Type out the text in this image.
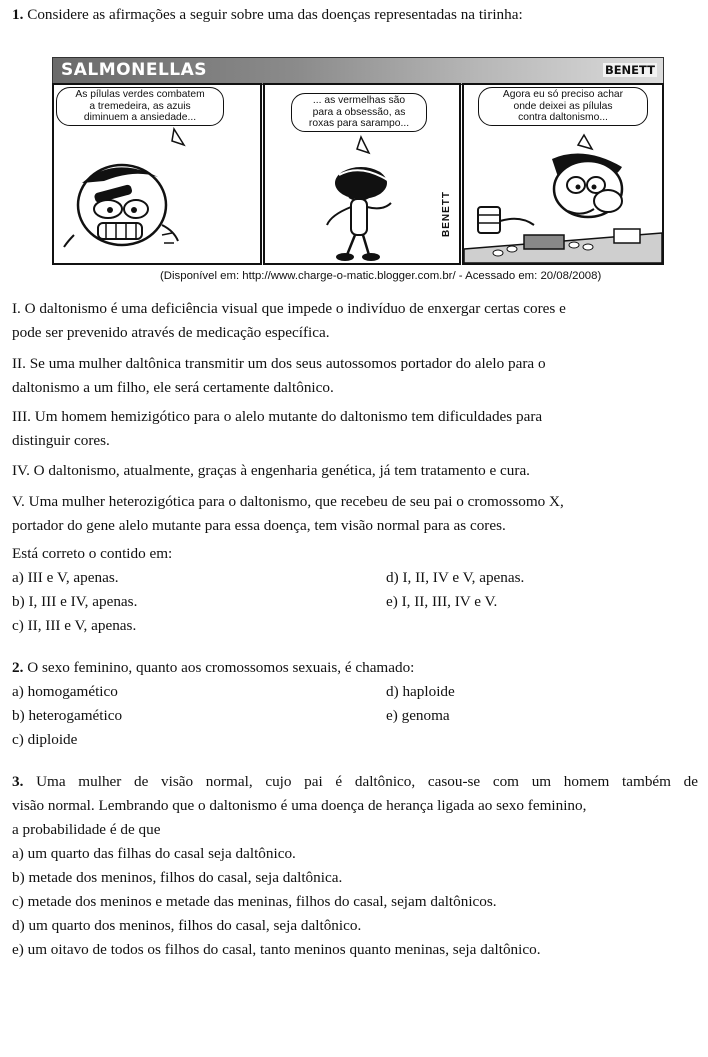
1. Considere as afirmações a seguir sobre uma das doenças representadas na tirinha:
SALMONELLAS	BENETT
As pílulas verdes combatem
a tremedeira, as azuis
diminuem a ansiedade...
... as vermelhas são
para a obsessão, as
roxas para sarampo...
BENETT
Agora eu só preciso achar
onde deixei as pílulas
contra daltonismo...
(Disponível em: http://www.charge-o-matic.blogger.com.br/ - Acessado em: 20/08/2008)
I. O daltonismo é uma deficiência visual que impede o indivíduo de enxergar certas cores e
pode ser prevenido através de medicação específica.
II. Se uma mulher daltônica transmitir um dos seus autossomos portador do alelo para o
daltonismo a um filho, ele será certamente daltônico.
III. Um homem hemizigótico para o alelo mutante do daltonismo tem dificuldades para
distinguir cores.
IV. O daltonismo, atualmente, graças à engenharia genética, já tem tratamento e cura.
V. Uma mulher heterozigótica para o daltonismo, que recebeu de seu pai o cromossomo X,
portador do gene alelo mutante para essa doença, tem visão normal para as cores.
Está correto o contido em:
a) III e V, apenas.
b) I, III e IV, apenas.
c) II, III e V, apenas.
d) I, II, IV e V, apenas.
e) I, II, III, IV e V.
2. O sexo feminino, quanto aos cromossomos sexuais, é chamado:
a) homogamético
b) heterogamético
c) diploide
d) haploide
e) genoma
3. Uma mulher de visão normal, cujo pai é daltônico, casou-se com um homem também de
visão normal. Lembrando que o daltonismo é uma doença de herança ligada ao sexo feminino,
a probabilidade é de que
a) um quarto das filhas do casal seja daltônico.
b) metade dos meninos, filhos do casal, seja daltônica.
c) metade dos meninos e metade das meninas, filhos do casal, sejam daltônicos.
d) um quarto dos meninos, filhos do casal, seja daltônico.
e) um oitavo de todos os filhos do casal, tanto meninos quanto meninas, seja daltônico.
